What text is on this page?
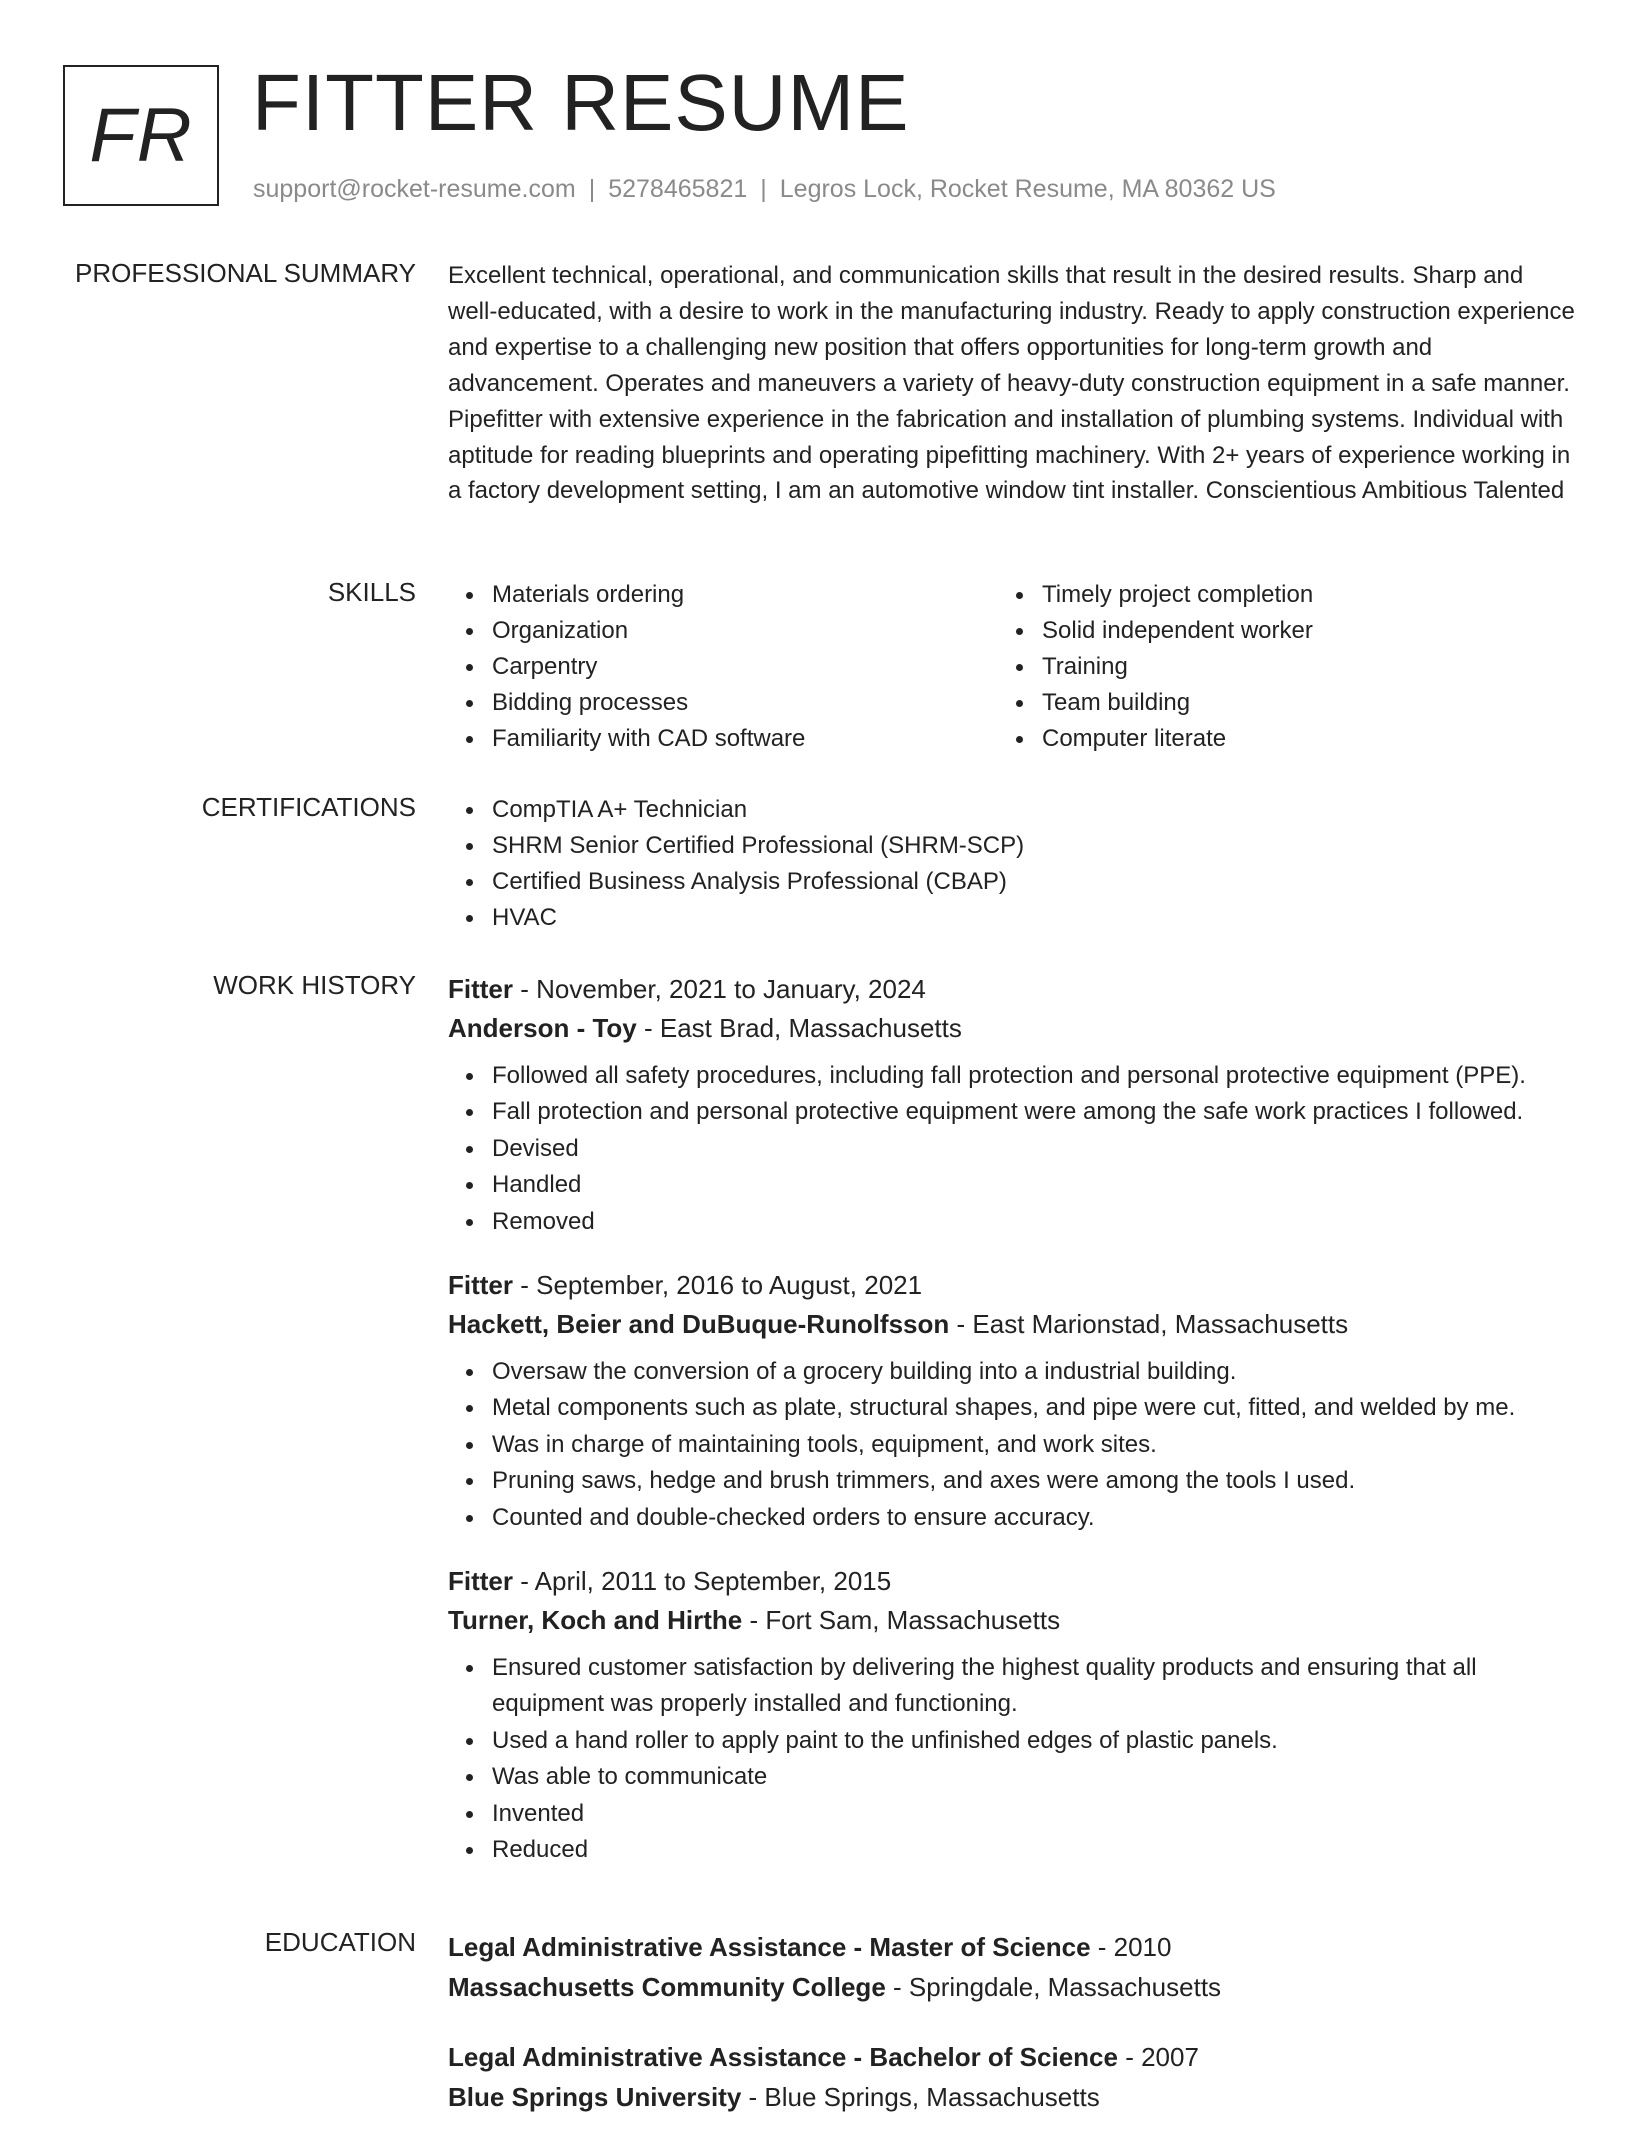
FR FITTER RESUME
support@rocket-resume.com | 5278465821 | Legros Lock, Rocket Resume, MA 80362 US
PROFESSIONAL SUMMARY Excellent technical, operational, and communication skills that result in the desired results. Sharp and well-educated, with a desire to work in the manufacturing industry. Ready to apply construction experience and expertise to a challenging new position that offers opportunities for long-term growth and advancement. Operates and maneuvers a variety of heavy-duty construction equipment in a safe manner. Pipefitter with extensive experience in the fabrication and installation of plumbing systems. Individual with aptitude for reading blueprints and operating pipefitting machinery. With 2+ years of experience working in a factory development setting, I am an automotive window tint installer. Conscientious Ambitious Talented

SKILLS	Materials ordering
Organization
Carpentry
Bidding processes
Familiarity with CAD software
Timely project completion
Solid independent worker
Training
Team building
Computer literate
CERTIFICATIONS	CompTIA A+ Technician
SHRM Senior Certified Professional (SHRM-SCP)
Certified Business Analysis Professional (CBAP)
HVAC
WORK HISTORY Fitter - November, 2021 to January, 2024
Anderson - Toy - East Brad, Massachusetts
Followed all safety procedures, including fall protection and personal protective equipment (PPE).
Fall protection and personal protective equipment were among the safe work practices I followed.
Devised
Handled
Removed
Fitter - September, 2016 to August, 2021
Hackett, Beier and DuBuque-Runolfsson - East Marionstad, Massachusetts
Oversaw the conversion of a grocery building into a industrial building.
Metal components such as plate, structural shapes, and pipe were cut, fitted, and welded by me.
Was in charge of maintaining tools, equipment, and work sites.
Pruning saws, hedge and brush trimmers, and axes were among the tools I used.
Counted and double-checked orders to ensure accuracy.
Fitter - April, 2011 to September, 2015
Turner, Koch and Hirthe - Fort Sam, Massachusetts
Ensured customer satisfaction by delivering the highest quality products and ensuring that all equipment was properly installed and functioning.
Used a hand roller to apply paint to the unfinished edges of plastic panels.
Was able to communicate
Invented
Reduced
EDUCATION Legal Administrative Assistance - Master of Science - 2010
Massachusetts Community College - Springdale, Massachusetts
Legal Administrative Assistance - Bachelor of Science - 2007
Blue Springs University - Blue Springs, Massachusetts
